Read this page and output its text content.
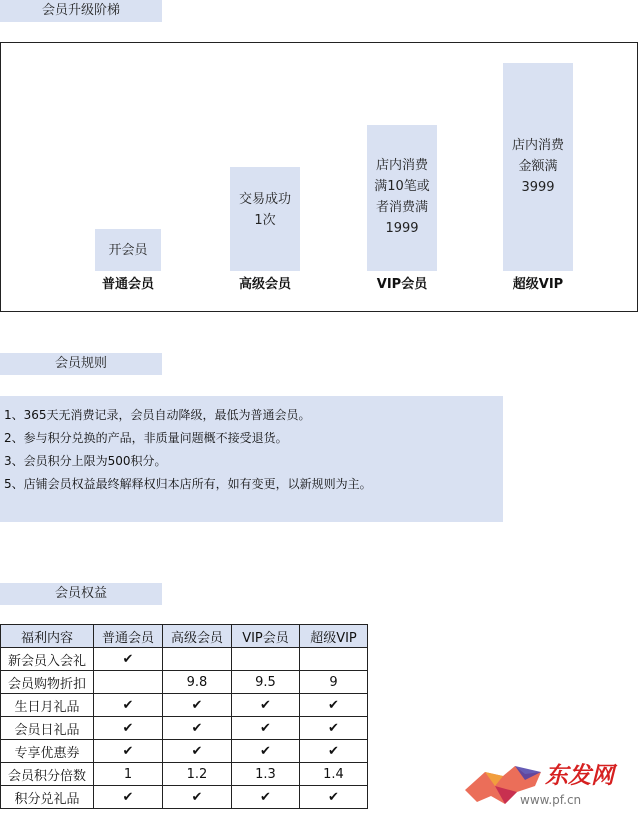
会员升级阶梯
开会员
交易成功
1次
店内消费
满10笔或
者消费满
1999
店内消费
金额满
3999
普通会员	高级会员	VIP会员	超级VIP
会员规则
1、365天无消费记录，会员自动降级，最低为普通会员。
2、参与积分兑换的产品，非质量问题概不接受退货。
3、会员积分上限为500积分。
5、店铺会员权益最终解释权归本店所有，如有变更，以新规则为主。
会员权益
福利内容	普通会员	高级会员	VIP会员	超级VIP
新会员入会礼	✔			
会员购物折扣		9.8	9.5	9
生日月礼品	✔	✔	✔	✔
会员日礼品	✔	✔	✔	✔
专享优惠券	✔	✔	✔	✔
会员积分倍数	1	1.2	1.3	1.4
积分兑礼品	✔	✔	✔	✔
东发网
www.pf.cn
